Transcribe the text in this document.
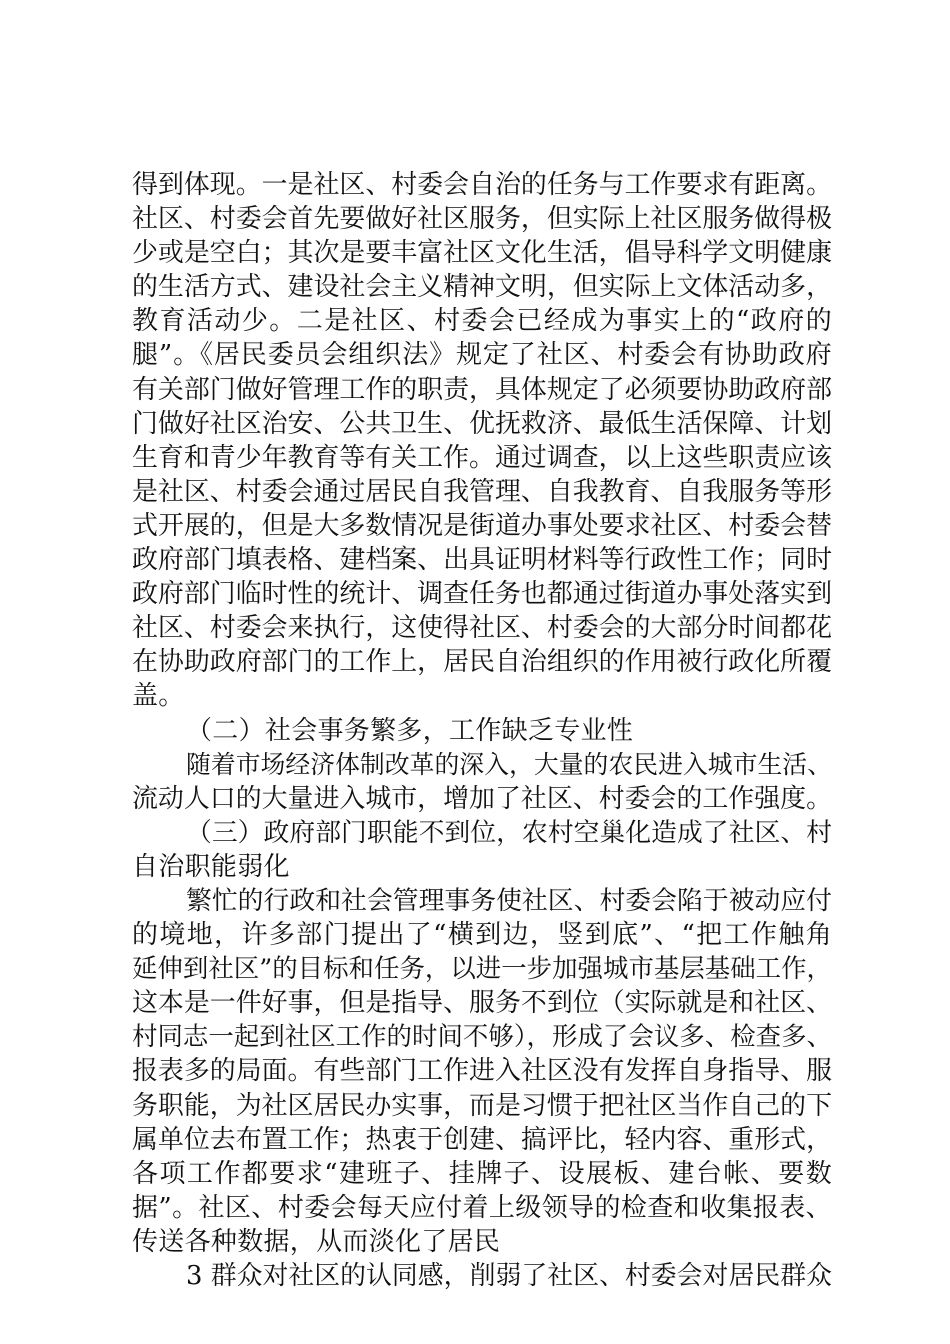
得到体现。一是社区、村委会自治的任务与工作要求有距离。
社区、村委会首先要做好社区服务，但实际上社区服务做得极
少或是空白；其次是要丰富社区文化生活，倡导科学文明健康
的生活方式、建设社会主义精神文明，但实际上文体活动多，
教育活动少。二是社区、村委会已经成为事实上的“政府的
腿”。《居民委员会组织法》规定了社区、村委会有协助政府
有关部门做好管理工作的职责，具体规定了必须要协助政府部
门做好社区治安、公共卫生、优抚救济、最低生活保障、计划
生育和青少年教育等有关工作。通过调查，以上这些职责应该
是社区、村委会通过居民自我管理、自我教育、自我服务等形
式开展的，但是大多数情况是街道办事处要求社区、村委会替
政府部门填表格、建档案、出具证明材料等行政性工作；同时
政府部门临时性的统计、调查任务也都通过街道办事处落实到
社区、村委会来执行，这使得社区、村委会的大部分时间都花
在协助政府部门的工作上，居民自治组织的作用被行政化所覆
盖。
（二）社会事务繁多，工作缺乏专业性
随着市场经济体制改革的深入，大量的农民进入城市生活、
流动人口的大量进入城市，增加了社区、村委会的工作强度。
（三）政府部门职能不到位，农村空巢化造成了社区、村
自治职能弱化
繁忙的行政和社会管理事务使社区、村委会陷于被动应付
的境地，许多部门提出了“横到边，竖到底”、“把工作触角
延伸到社区”的目标和任务，以进一步加强城市基层基础工作，
这本是一件好事，但是指导、服务不到位（实际就是和社区、
村同志一起到社区工作的时间不够），形成了会议多、检查多、
报表多的局面。有些部门工作进入社区没有发挥自身指导、服
务职能，为社区居民办实事，而是习惯于把社区当作自己的下
属单位去布置工作；热衷于创建、搞评比，轻内容、重形式，
各项工作都要求“建班子、挂牌子、设展板、建台帐、要数
据”。社区、村委会每天应付着上级领导的检查和收集报表、
传送各种数据，从而淡化了居民
3 群众对社区的认同感，削弱了社区、村委会对居民群众
